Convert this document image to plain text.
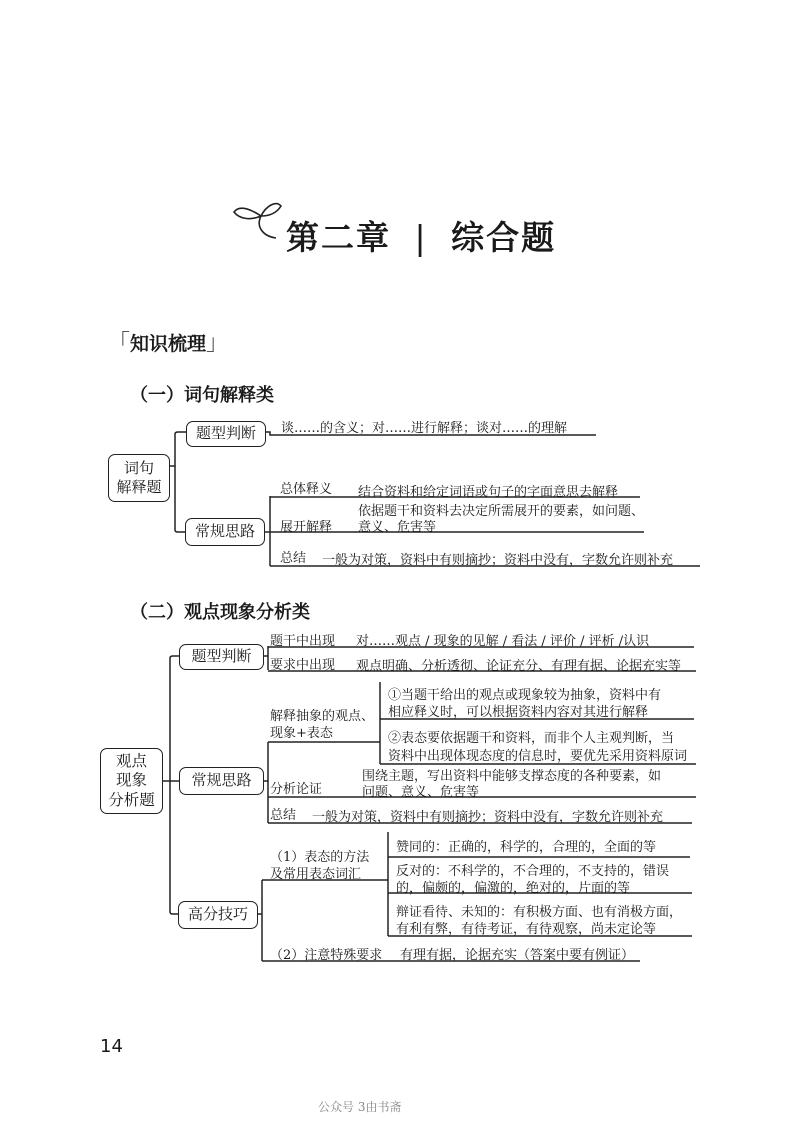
第二章 | 综合题
「知识梳理」
（一）词句解释类
词句
解释题
题型判断	谈……的含义；对……进行解释；谈对……的理解
常规思路
总体释义 结合资料和给定词语或句子的字面意思去解释
展开解释
依据题干和资料去决定所需展开的要素，如问题、
意义、危害等
总结 一般为对策，资料中有则摘抄；资料中没有，字数允许则补充
（二）观点现象分析类
观点
现象
分析题
题型判断
题干中出现 对……观点 / 现象的见解 / 看法 / 评价 / 评析 /认识
要求中出现 观点明确、分析透彻、论证充分、有理有据、论据充实等
常规思路
解释抽象的观点、
现象+表态
①当题干给出的观点或现象较为抽象，资料中有
相应释义时，可以根据资料内容对其进行解释
②表态要依据题干和资料，而非个人主观判断，当
资料中出现体现态度的信息时，要优先采用资料原词
分析论证
围绕主题，写出资料中能够支撑态度的各种要素，如
问题、意义、危害等
总结 一般为对策，资料中有则摘抄；资料中没有，字数允许则补充
高分技巧
（1）表态的方法
及常用表态词汇
赞同的：正确的，科学的，合理的，全面的等
反对的：不科学的，不合理的，不支持的，错误
的，偏颇的，偏激的，绝对的，片面的等
辩证看待、未知的：有积极方面、也有消极方面，
有利有弊，有待考证，有待观察，尚未定论等
（2）注意特殊要求 有理有据，论据充实（答案中要有例证）
14
公众号 3由书斋
